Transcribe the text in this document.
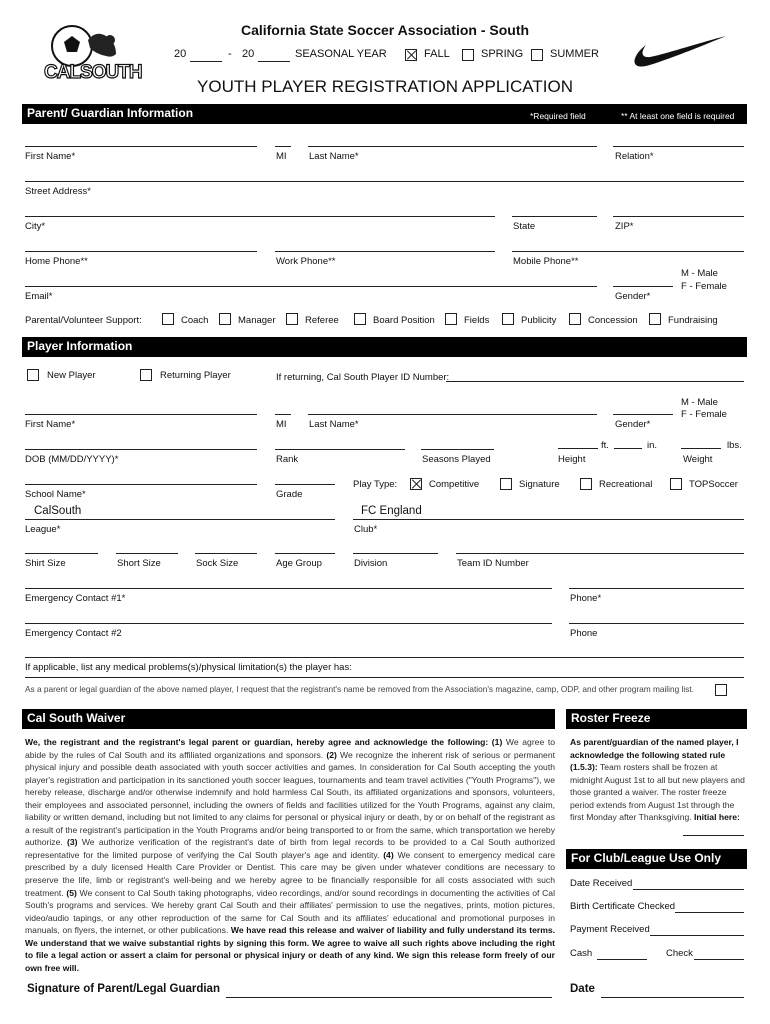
CALSOUTH
California State Soccer Association - South
20	- 20	SEASONAL YEAR	FALL	SPRING SUMMER
YOUTH PLAYER REGISTRATION APPLICATION
Parent/ Guardian Information	*Required field	** At least one field is required
First Name*	MI Last Name*	Relation*
Street Address*
City*	State	ZIP*
Home Phone**	Work Phone**	Mobile Phone**
Email*
M - Male
F - Female
Gender*
Parental/Volunteer Support:	Coach	Manager	Referee	Board Position	Fields	Publicity	Concession	Fundraising
Player Information
New Player	Returning Player	If returning, Cal South Player ID Number:
First Name*	MI Last Name*
M - Male
F - Female
Gender*
DOB (MM/DD/YYYY)*	Rank	Seasons Played
ft.	in.
Height
lbs.
Weight
School Name*	Grade
Play Type:	Competitive	Signature	Recreational	TOPSoccer
CalSouth
League*
FC England
Club*
Shirt Size	Short Size	Sock Size	Age Group	Division	Team ID Number
Emergency Contact #1*	Phone*
Emergency Contact #2	Phone
If applicable, list any medical problems(s)/physical limitation(s) the player has:
As a parent or legal guardian of the above named player, I request that the registrant's name be removed from the Association's magazine, camp, ODP, and other program mailing list.
Cal South Waiver
We, the registrant and the registrant's legal parent or guardian, hereby agree and acknowledge the following: (1) We agree to abide by the rules of Cal South and its affiliated organizations and sponsors. (2) We recognize the inherent risk of serious or permanent physical injury and possible death associated with youth soccer activities and games. In consideration for Cal South accepting the youth player's registration and participation in its sanctioned youth soccer leagues, tournaments and team travel activities ("Youth Programs"), we hereby release, discharge and/or otherwise indemnify and hold harmless Cal South, its affiliated organizations and sponsors, volunteers, their employees and associated personnel, including the owners of fields and facilities utilized for the Youth Programs, against any claim, liability or written demand, including but not limited to any claims for personal or physical injury or death, by or on behalf of the registrant as a result of the registrant's participation in the Youth Programs and/or being transported to or from the same, which transportation we hereby authorize. (3) We authorize verification of the registrant's date of birth from legal records to be provided to a Cal South authorized representative for the limited purpose of verifying the Cal South player's age and identity. (4) We consent to emergency medical care prescribed by a duly licensed Health Care Provider or Dentist. This care may be given under whatever conditions are necessary to preserve the life, limb or registrant's well-being and we hereby agree to be financially responsible for all costs associated with such treatment. (5) We consent to Cal South taking photographs, video recordings, and/or sound recordings in documenting the activities of Cal South's programs and services. We hereby grant Cal South and their affiliates' permission to use the negatives, prints, motion pictures, video/audio tapings, or any other reproduction of the same for Cal South and its affiliates' educational and promotional purposes in manuals, on flyers, the internet, or other publications. We have read this release and waiver of liability and fully understand its terms. We understand that we waive substantial rights by signing this form. We agree to waive all such rights above including the right to file a legal action or assert a claim for personal or physical injury or death of any kind. We sign this release form freely of our own free will.
Signature of Parent/Legal Guardian
Roster Freeze
As parent/guardian of the named player, I acknowledge the following stated rule (1.5.3): Team rosters shall be frozen at midnight August 1st to all but new players and those granted a waiver. The roster freeze period extends from August 1st through the first Monday after Thanksgiving. Initial here:
For Club/League Use Only
Date Received
Birth Certificate Checked
Payment Received
Cash	Check
Date
